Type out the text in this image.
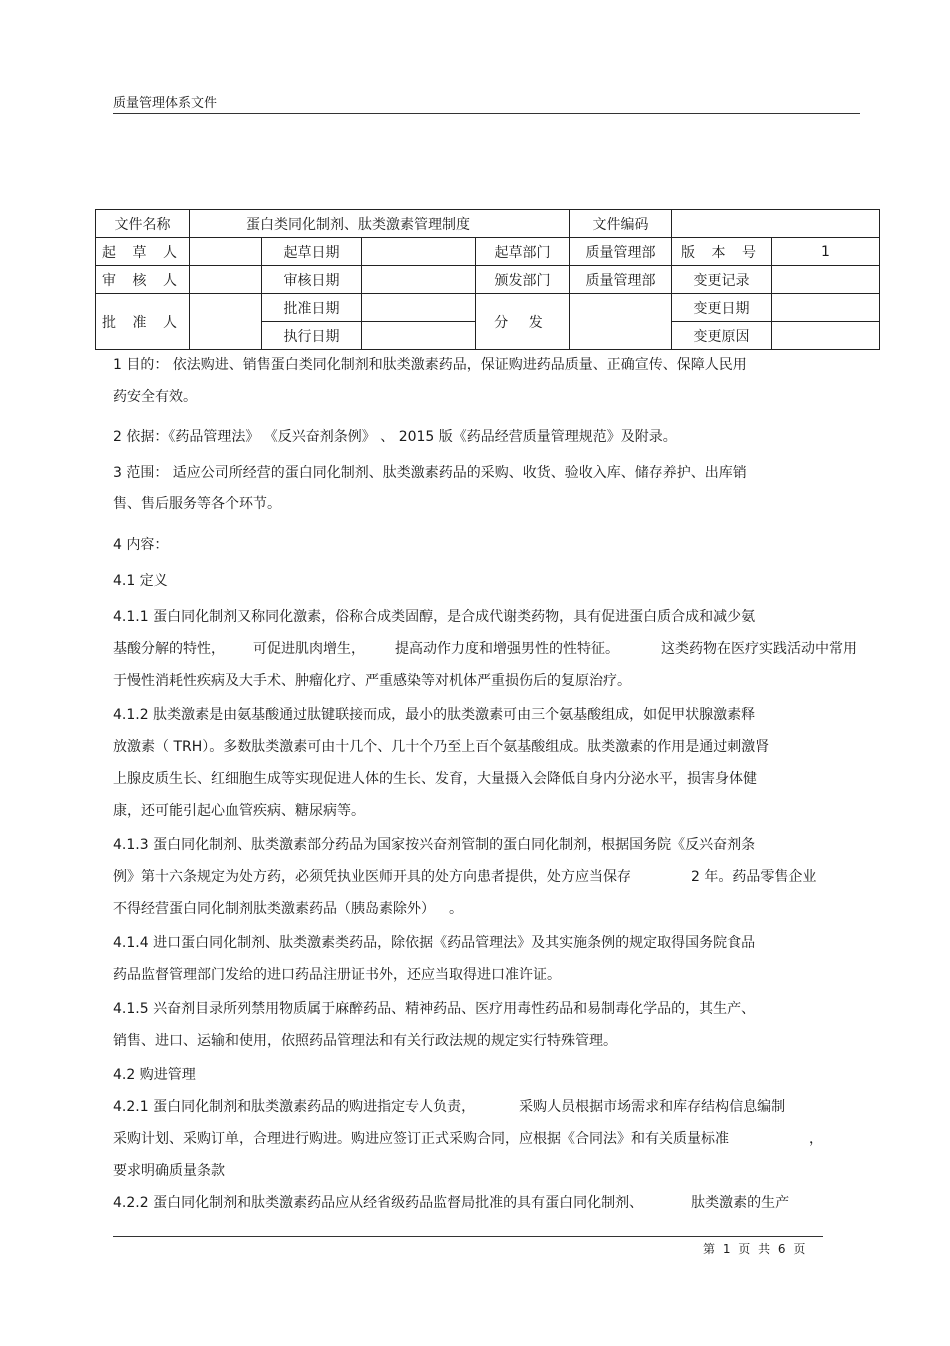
质量管理体系文件
文件名称	蛋白类同化制剂、肽类激素管理制度				文件编码		
起 草 人		起草日期		起草部门	质量管理部	版 本 号	1
审 核 人		审核日期		颁发部门	质量管理部	变更记录	
批 准 人		批准日期		分 发		变更日期	
		执行日期				变更原因	
1 目的： 依法购进、销售蛋白类同化制剂和肽类激素药品，保证购进药品质量、正确宣传、保障人民用
药安全有效。
2 依据：《药品管理法》 《反兴奋剂条例》 、 2015 版《药品经营质量管理规范》及附录。
3 范围： 适应公司所经营的蛋白同化制剂、肽类激素药品的采购、收货、验收入库、储存养护、出库销
售、售后服务等各个环节。
4 内容：
4.1 定义
4.1.1 蛋白同化制剂又称同化激素，俗称合成类固醇，是合成代谢类药物，具有促进蛋白质合成和减少氨
基酸分解的特性， 可促进肌肉增生， 提高动作力度和增强男性的性特征。	这类药物在医疗实践活动中常用
于慢性消耗性疾病及大手术、肿瘤化疗、严重感染等对机体严重损伤后的复原治疗。
4.1.2 肽类激素是由氨基酸通过肽键联接而成，最小的肽类激素可由三个氨基酸组成，如促甲状腺激素释
放激素（ TRH）。多数肽类激素可由十几个、几十个乃至上百个氨基酸组成。肽类激素的作用是通过刺激肾
上腺皮质生长、红细胞生成等实现促进人体的生长、发育，大量摄入会降低自身内分泌水平，损害身体健
康，还可能引起心血管疾病、糖尿病等。
4.1.3 蛋白同化制剂、肽类激素部分药品为国家按兴奋剂管制的蛋白同化制剂，根据国务院《反兴奋剂条
例》第十六条规定为处方药，必须凭执业医师开具的处方向患者提供，处方应当保存	2 年。药品零售企业
不得经营蛋白同化制剂肽类激素药品（胰岛素除外） 。
4.1.4 进口蛋白同化制剂、肽类激素类药品，除依据《药品管理法》及其实施条例的规定取得国务院食品
药品监督管理部门发给的进口药品注册证书外，还应当取得进口准许证。
4.1.5 兴奋剂目录所列禁用物质属于麻醉药品、精神药品、医疗用毒性药品和易制毒化学品的，其生产、
销售、进口、运输和使用，依照药品管理法和有关行政法规的规定实行特殊管理。
4.2 购进管理
4.2.1 蛋白同化制剂和肽类激素药品的购进指定专人负责，	采购人员根据市场需求和库存结构信息编制
采购计划、采购订单，合理进行购进。购进应签订正式采购合同，应根据《合同法》和有关质量标准	，
要求明确质量条款
4.2.2 蛋白同化制剂和肽类激素药品应从经省级药品监督局批准的具有蛋白同化制剂、	肽类激素的生产
第 1 页 共 6 页
